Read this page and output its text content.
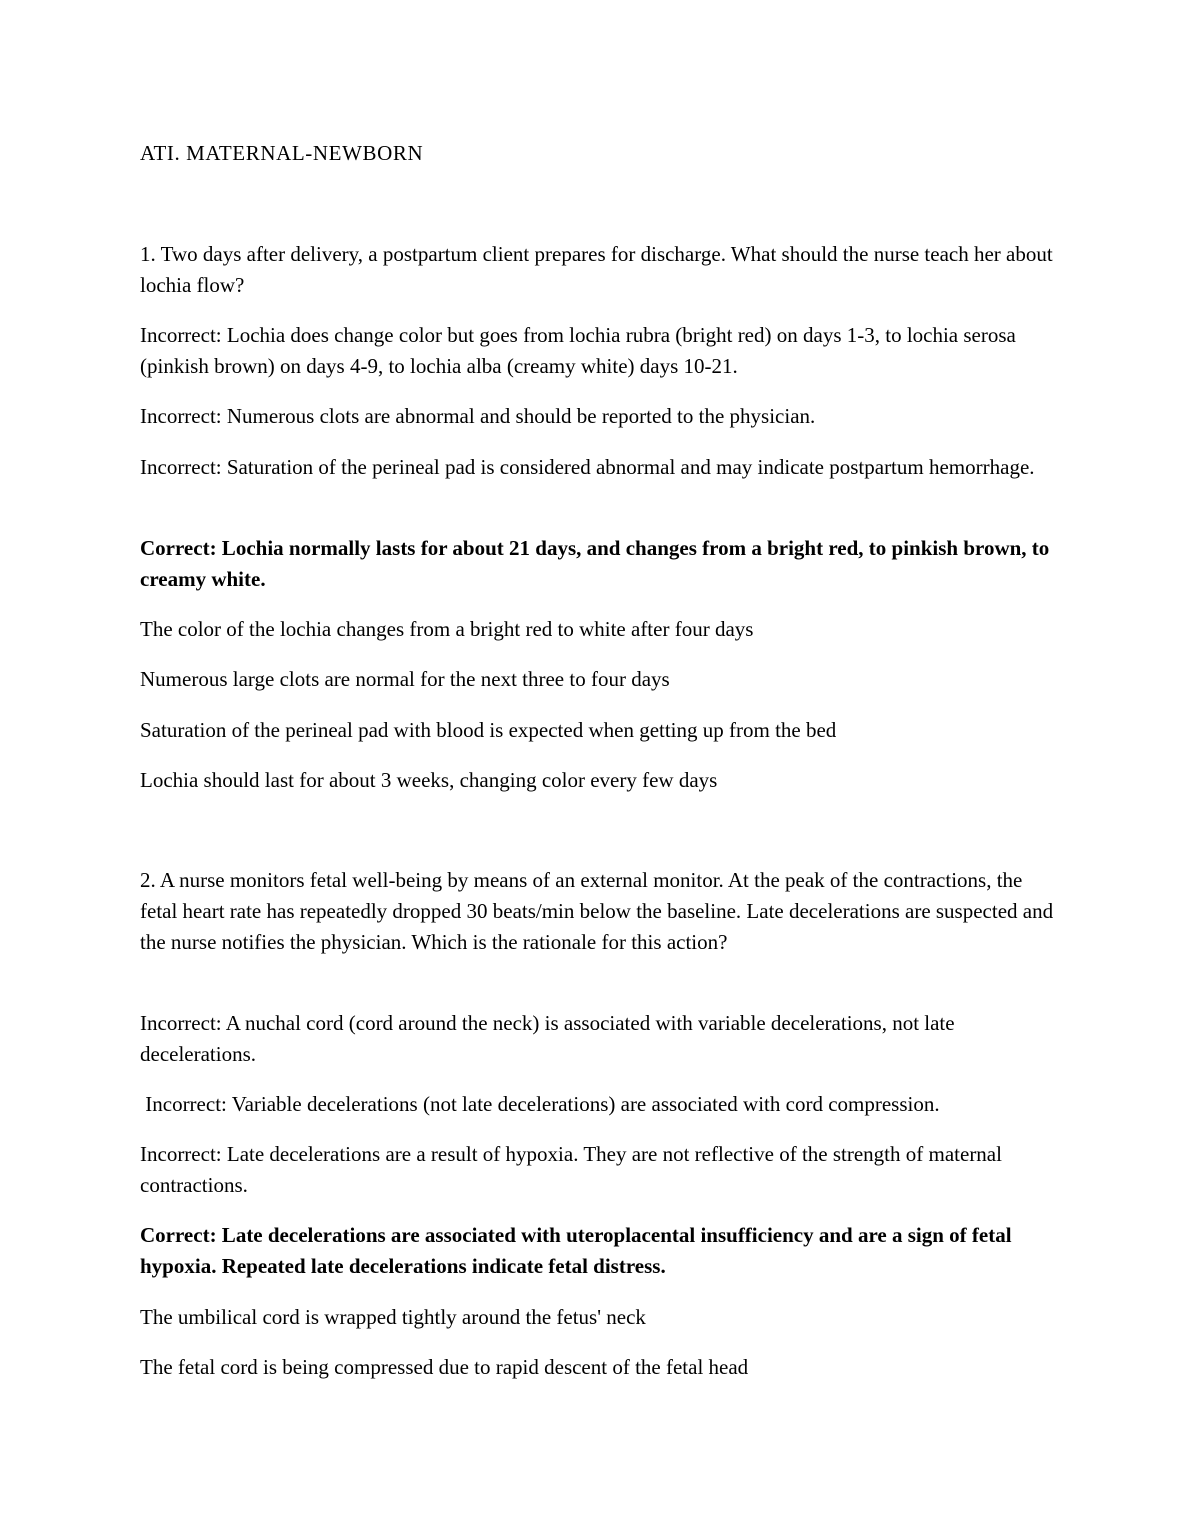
ATI. MATERNAL-NEWBORN

1. Two days after delivery, a postpartum client prepares for discharge. What should the nurse teach her about lochia flow?

Incorrect: Lochia does change color but goes from lochia rubra (bright red) on days 1-3, to lochia serosa (pinkish brown) on days 4-9, to lochia alba (creamy white) days 10-21.

Incorrect: Numerous clots are abnormal and should be reported to the physician.

Incorrect: Saturation of the perineal pad is considered abnormal and may indicate postpartum hemorrhage.

Correct: Lochia normally lasts for about 21 days, and changes from a bright red, to pinkish brown, to creamy white.

The color of the lochia changes from a bright red to white after four days

Numerous large clots are normal for the next three to four days

Saturation of the perineal pad with blood is expected when getting up from the bed

Lochia should last for about 3 weeks, changing color every few days

2. A nurse monitors fetal well-being by means of an external monitor. At the peak of the contractions, the fetal heart rate has repeatedly dropped 30 beats/min below the baseline. Late decelerations are suspected and the nurse notifies the physician. Which is the rationale for this action?

Incorrect: A nuchal cord (cord around the neck) is associated with variable decelerations, not late decelerations.

Incorrect: Variable decelerations (not late decelerations) are associated with cord compression.

Incorrect: Late decelerations are a result of hypoxia. They are not reflective of the strength of maternal contractions.

Correct: Late decelerations are associated with uteroplacental insufficiency and are a sign of fetal hypoxia. Repeated late decelerations indicate fetal distress.

The umbilical cord is wrapped tightly around the fetus' neck

The fetal cord is being compressed due to rapid descent of the fetal head
